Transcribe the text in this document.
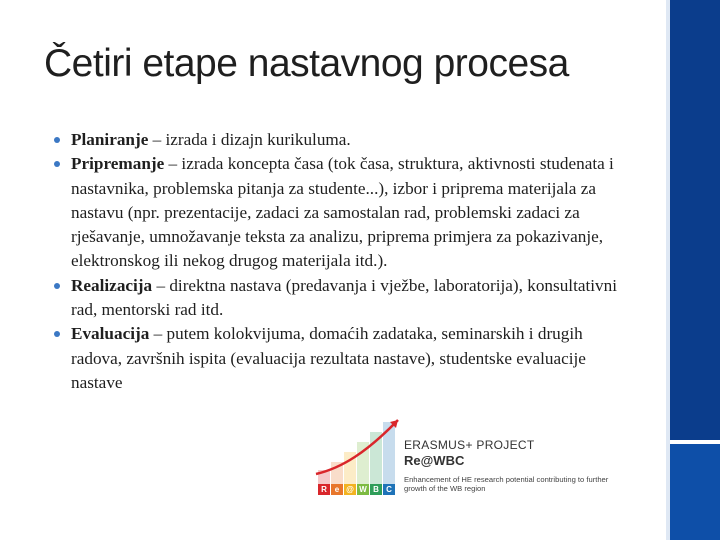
Četiri etape nastavnog procesa
Planiranje – izrada i dizajn kurikuluma.
Pripremanje – izrada koncepta časa (tok časa, struktura, aktivnosti studenata i nastavnika, problemska pitanja za studente...), izbor i priprema materijala za nastavu (npr. prezentacije, zadaci za samostalan rad, problemski zadaci za rješavanje, umnožavanje teksta za analizu, priprema primjera za pokazivanje, elektronskog ili nekog drugog materijala itd.).
Realizacija – direktna nastava (predavanja i vježbe, laboratorija), konsultativni rad, mentorski rad itd.
Evaluacija – putem kolokvijuma, domaćih zadataka, seminarskih i drugih radova, završnih ispita (evaluacija rezultata nastave), studentske evaluacije nastave
R e @ W B C
ERASMUS+ PROJECT
Re@WBC
Enhancement of HE research potential contributing to further growth of the WB region
